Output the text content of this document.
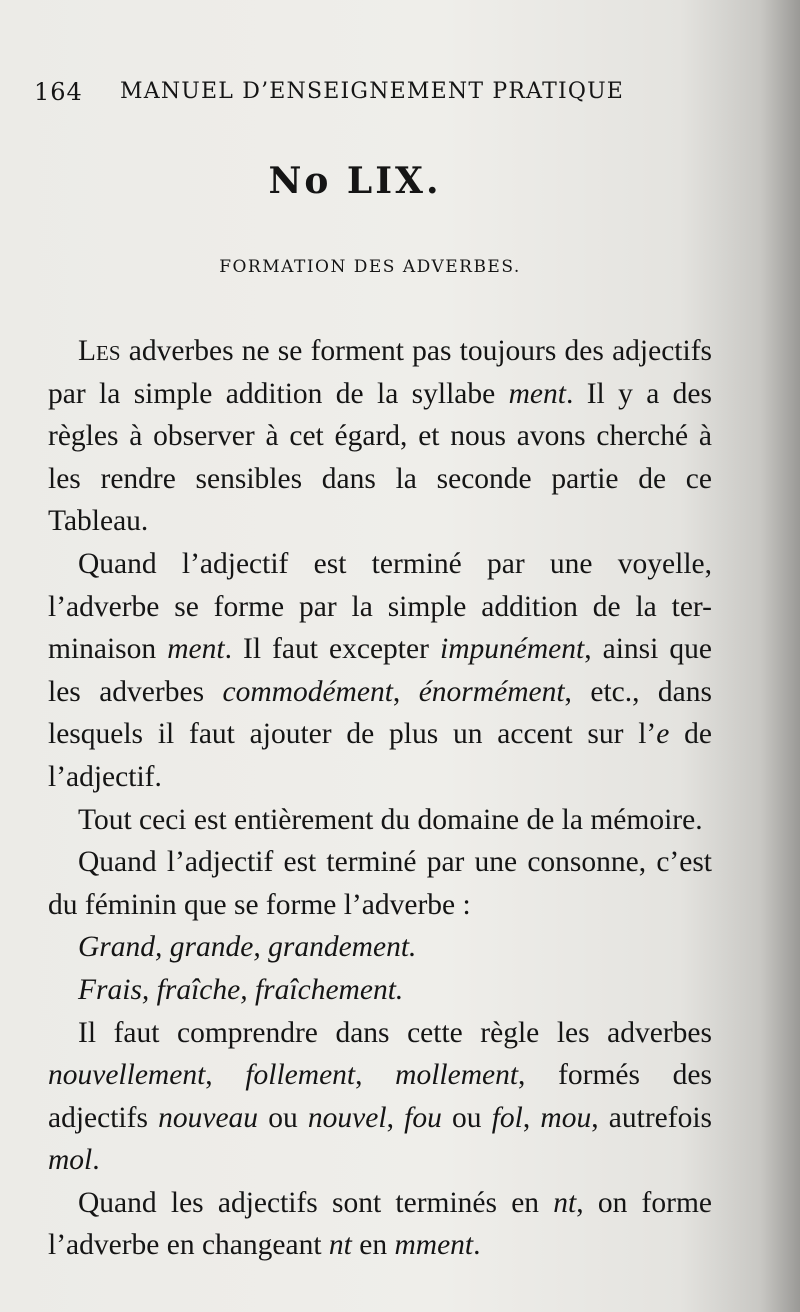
164 MANUEL D’ENSEIGNEMENT PRATIQUE
No LIX.
FORMATION DES ADVERBES.

Les adverbes ne se forment pas toujours des adjectifs par la simple addition de la syllabe ment. Il y a des règles à observer à cet égard, et nous avons cherché à les rendre sensibles dans la seconde partie de ce Tableau.

Quand l’adjectif est terminé par une voyelle, l’adverbe se forme par la simple addition de la ter-minaison ment. Il faut excepter impunément, ainsi que les adverbes commodément, énormément, etc., dans lesquels il faut ajouter de plus un accent sur l’e de l’adjectif.

Tout ceci est entièrement du domaine de la mémoire.

Quand l’adjectif est terminé par une consonne, c’est du féminin que se forme l’adverbe :

Grand, grande, grandement.

Frais, fraîche, fraîchement.

Il faut comprendre dans cette règle les adverbes nouvellement, follement, mollement, formés des adjectifs nouveau ou nouvel, fou ou fol, mou, autrefois mol.

Quand les adjectifs sont terminés en nt, on forme l’adverbe en changeant nt en mment.
